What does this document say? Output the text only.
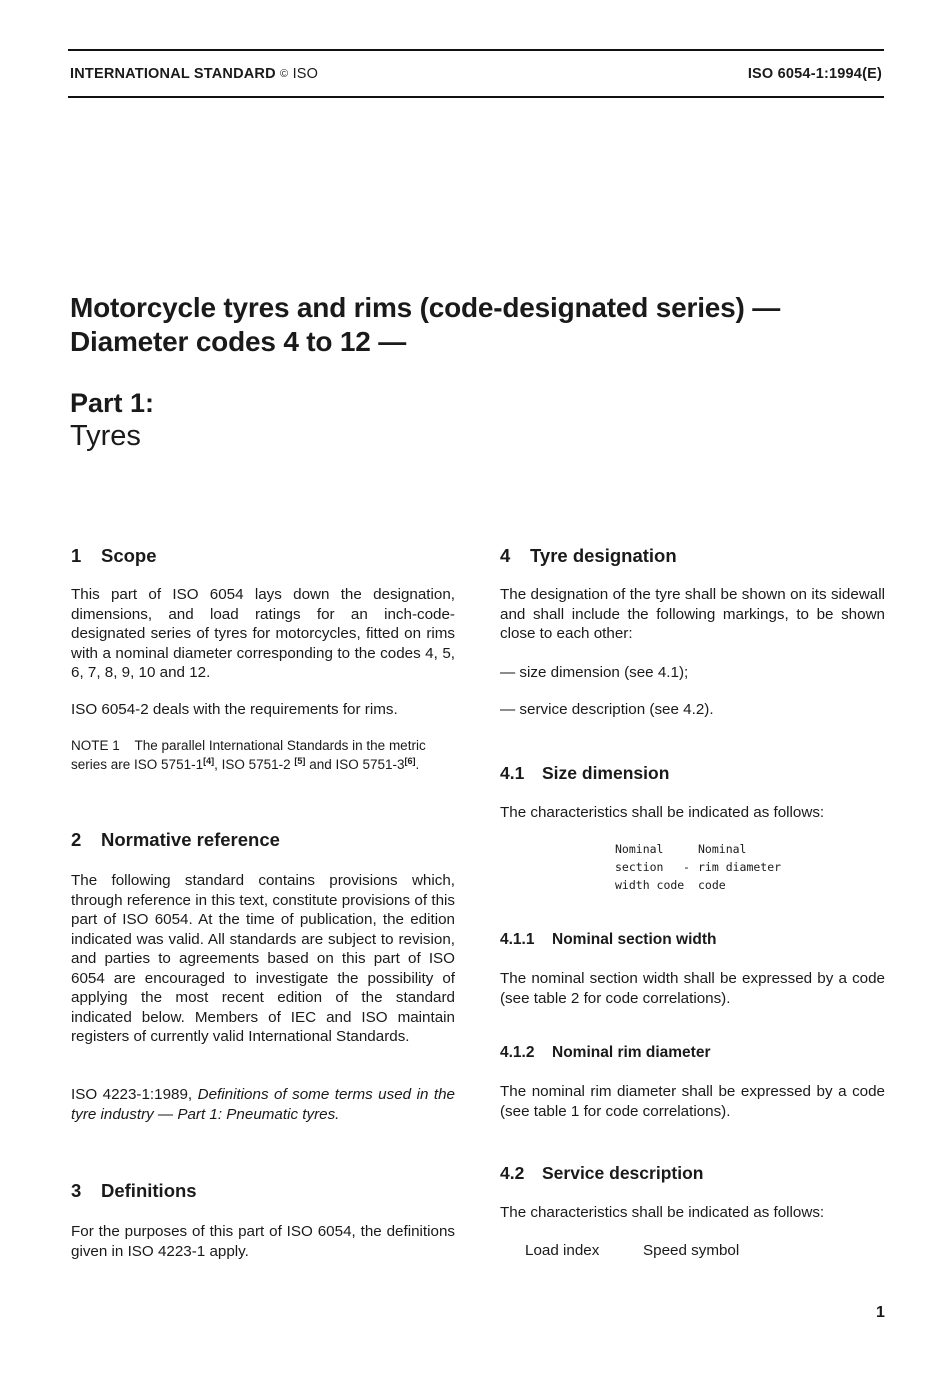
INTERNATIONAL STANDARD © ISO	ISO 6054-1:1994(E)
Motorcycle tyres and rims (code-designated series) —
Diameter codes 4 to 12 —
Part 1:
Tyres
1 Scope
This part of ISO 6054 lays down the designation, dimensions, and load ratings for an inch-code-designated series of tyres for motorcycles, fitted on rims with a nominal diameter corresponding to the codes 4, 5, 6, 7, 8, 9, 10 and 12.
ISO 6054-2 deals with the requirements for rims.
NOTE 1 The parallel International Standards in the metric series are ISO 5751-1[4], ISO 5751-2 [5] and ISO 5751-3[6].
2 Normative reference
The following standard contains provisions which, through reference in this text, constitute provisions of this part of ISO 6054. At the time of publication, the edition indicated was valid. All standards are subject to revision, and parties to agreements based on this part of ISO 6054 are encouraged to investigate the possibility of applying the most recent edition of the standard indicated below. Members of IEC and ISO maintain registers of currently valid International Standards.
ISO 4223-1:1989, Definitions of some terms used in the tyre industry — Part 1: Pneumatic tyres.
3 Definitions
For the purposes of this part of ISO 6054, the definitions given in ISO 4223-1 apply.
4 Tyre designation
The designation of the tyre shall be shown on its sidewall and shall include the following markings, to be shown close to each other:
— size dimension (see 4.1);
— service description (see 4.2).
4.1 Size dimension
The characteristics shall be indicated as follows:
Nominal
section
width code
-
Nominal
rim diameter
code
4.1.1 Nominal section width
The nominal section width shall be expressed by a code (see table 2 for code correlations).
4.1.2 Nominal rim diameter
The nominal rim diameter shall be expressed by a code (see table 1 for code correlations).
4.2 Service description
The characteristics shall be indicated as follows:
Load index	Speed symbol
1
